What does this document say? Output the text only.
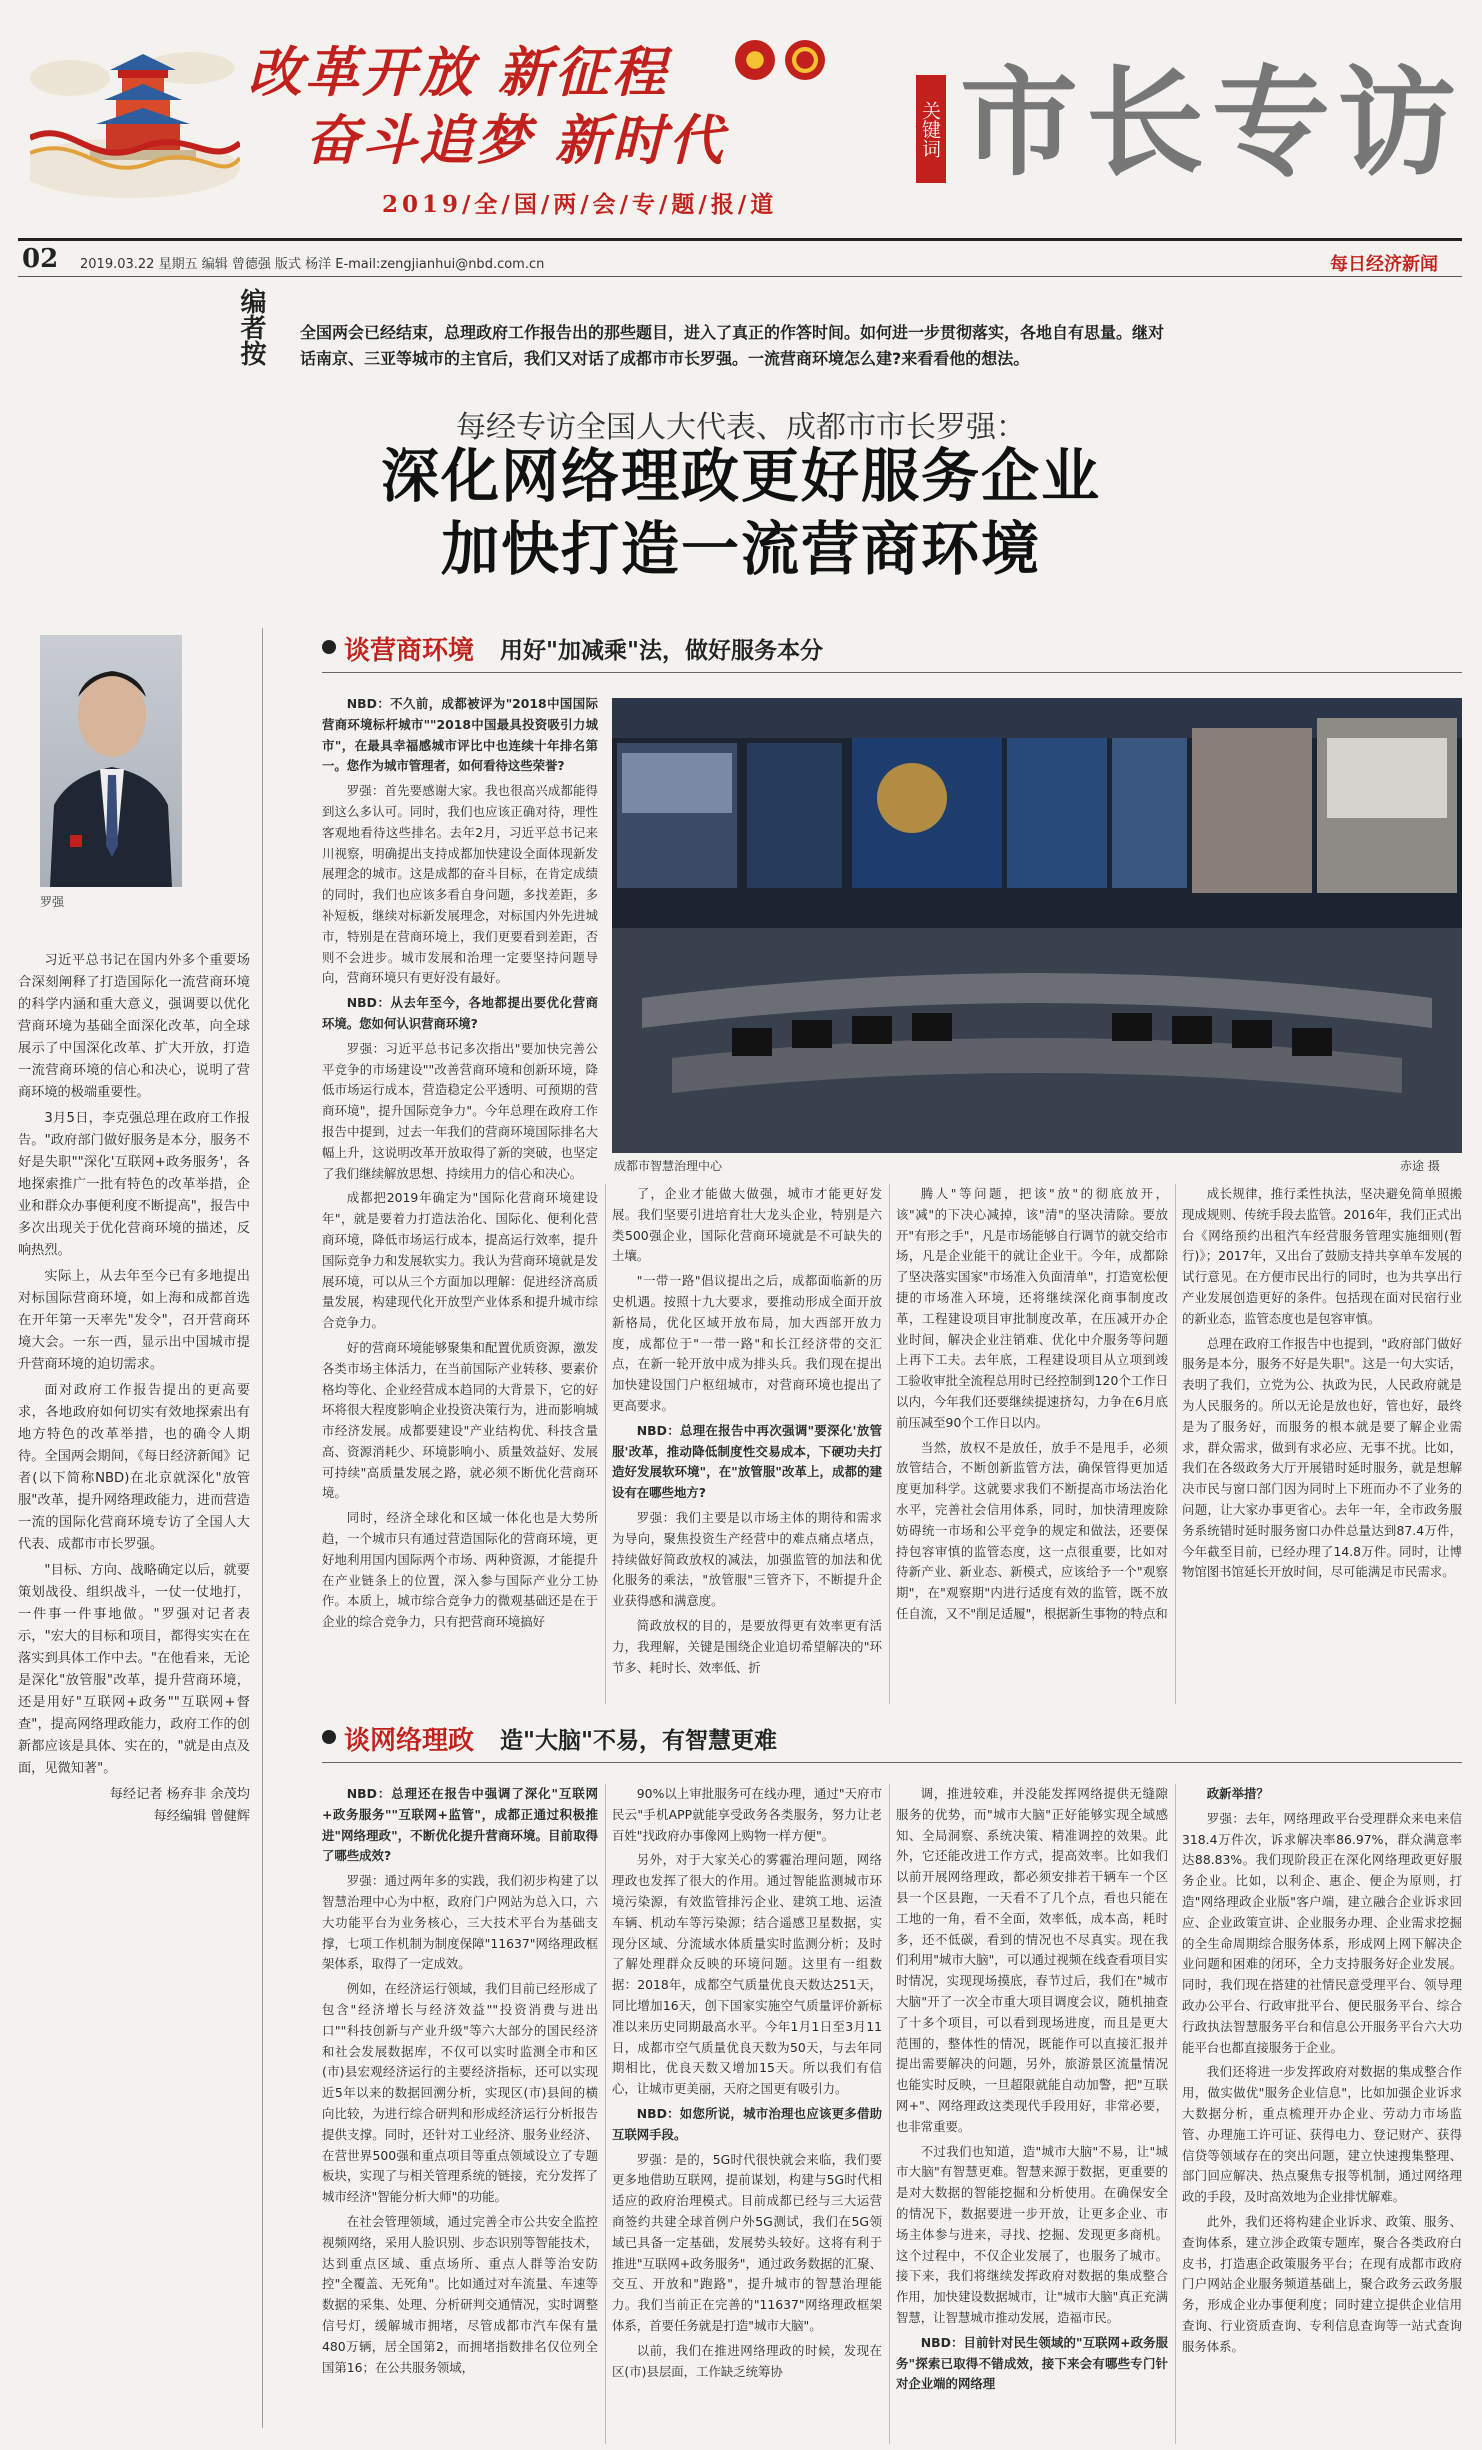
改革开放 新征程
奋斗追梦 新时代
2019/全/国/两/会/专/题/报/道
关键词 市长专访
02 2019.03.22 星期五 编辑 曾德强 版式 杨洋 E-mail:zengjianhui@nbd.com.cn	每日经济新闻
编者按 全国两会已经结束，总理政府工作报告出的那些题目，进入了真正的作答时间。如何进一步贯彻落实，各地自有思量。继对话南京、三亚等城市的主官后，我们又对话了成都市市长罗强。一流营商环境怎么建?来看看他的想法。
每经专访全国人大代表、成都市市长罗强：
深化网络理政更好服务企业
加快打造一流营商环境
罗强

习近平总书记在国内外多个重要场合深刻阐释了打造国际化一流营商环境的科学内涵和重大意义，强调要以优化营商环境为基础全面深化改革，向全球展示了中国深化改革、扩大开放，打造一流营商环境的信心和决心，说明了营商环境的极端重要性。

3月5日，李克强总理在政府工作报告。"政府部门做好服务是本分，服务不好是失职""深化'互联网+政务服务'，各地探索推广一批有特色的改革举措，企业和群众办事便利度不断提高"，报告中多次出现关于优化营商环境的描述，反响热烈。

实际上，从去年至今已有多地提出对标国际营商环境，如上海和成都首选在开年第一天率先"发令"，召开营商环境大会。一东一西，显示出中国城市提升营商环境的迫切需求。

面对政府工作报告提出的更高要求，各地政府如何切实有效地探索出有地方特色的改革举措，也的确令人期待。全国两会期间，《每日经济新闻》记者(以下简称NBD)在北京就深化"放管服"改革，提升网络理政能力，进而营造一流的国际化营商环境专访了全国人大代表、成都市市长罗强。

"目标、方向、战略确定以后，就要策划战役、组织战斗，一仗一仗地打，一件事一件事地做。"罗强对记者表示，"宏大的目标和项目，都得实实在在落实到具体工作中去。"在他看来，无论是深化"放管服"改革，提升营商环境，还是用好"互联网+政务""互联网+督查"，提高网络理政能力，政府工作的创新都应该是具体、实在的，"就是由点及面，见微知著"。

每经记者 杨弃非 余茂均
每经编辑 曾健辉
谈营商环境 用好"加减乘"法，做好服务本分
成都市智慧治理中心	赤途 摄

NBD：不久前，成都被评为"2018中国国际营商环境标杆城市""2018中国最具投资吸引力城市"，在最具幸福感城市评比中也连续十年排名第一。您作为城市管理者，如何看待这些荣誉?

罗强：首先要感谢大家。我也很高兴成都能得到这么多认可。同时，我们也应该正确对待，理性客观地看待这些排名。去年2月，习近平总书记来川视察，明确提出支持成都加快建设全面体现新发展理念的城市。这是成都的奋斗目标，在肯定成绩的同时，我们也应该多看自身问题，多找差距，多补短板，继续对标新发展理念，对标国内外先进城市，特别是在营商环境上，我们更要看到差距，否则不会进步。城市发展和治理一定要坚持问题导向，营商环境只有更好没有最好。

NBD：从去年至今，各地都提出要优化营商环境。您如何认识营商环境?

罗强：习近平总书记多次指出"要加快完善公平竞争的市场建设""改善营商环境和创新环境，降低市场运行成本，营造稳定公平透明、可预期的营商环境"，提升国际竞争力"。今年总理在政府工作报告中提到，过去一年我们的营商环境国际排名大幅上升，这说明改革开放取得了新的突破，也坚定了我们继续解放思想、持续用力的信心和决心。

成都把2019年确定为"国际化营商环境建设年"，就是要着力打造法治化、国际化、便利化营商环境，降低市场运行成本，提高运行效率，提升国际竞争力和发展软实力。我认为营商环境就是发展环境，可以从三个方面加以理解：促进经济高质量发展，构建现代化开放型产业体系和提升城市综合竞争力。

好的营商环境能够聚集和配置优质资源，激发各类市场主体活力，在当前国际产业转移、要素价格均等化、企业经营成本趋同的大背景下，它的好坏将很大程度影响企业投资决策行为，进而影响城市经济发展。成都要建设"产业结构优、科技含量高、资源消耗少、环境影响小、质量效益好、发展可持续"高质量发展之路，就必须不断优化营商环境。

同时，经济全球化和区域一体化也是大势所趋，一个城市只有通过营造国际化的营商环境，更好地利用国内国际两个市场、两种资源，才能提升在产业链条上的位置，深入参与国际产业分工协作。本质上，城市综合竞争力的微观基础还是在于企业的综合竞争力，只有把营商环境搞好

了，企业才能做大做强，城市才能更好发展。我们坚要引进培育壮大龙头企业，特别是六类500强企业，国际化营商环境就是不可缺失的土壤。

"一带一路"倡议提出之后，成都面临新的历史机遇。按照十九大要求，要推动形成全面开放新格局，优化区域开放布局，加大西部开放力度，成都位于"一带一路"和长江经济带的交汇点，在新一轮开放中成为排头兵。我们现在提出加快建设国门户枢纽城市，对营商环境也提出了更高要求。

NBD：总理在报告中再次强调"要深化'放管服'改革，推动降低制度性交易成本，下硬功夫打造好发展软环境"，在"放管服"改革上，成都的建设有在哪些地方?

罗强：我们主要是以市场主体的期待和需求为导向，聚焦投资生产经营中的难点痛点堵点，持续做好简政放权的减法，加强监管的加法和优化服务的乘法，"放管服"三管齐下，不断提升企业获得感和满意度。

简政放权的目的，是要放得更有效率更有活力，我理解，关键是围绕企业追切希望解决的"环节多、耗时长、效率低、折

腾人"等问题，把该"放"的彻底放开，该"减"的下决心减掉，该"清"的坚决清除。要放开"有形之手"，凡是市场能够自行调节的就交给市场，凡是企业能干的就让企业干。今年，成都除了坚决落实国家"市场准入负面清单"，打造宽松便捷的市场准入环境，还将继续深化商事制度改革，工程建设项目审批制度改革，在压减开办企业时间，解决企业注销难、优化中介服务等问题上再下工夫。去年底，工程建设项目从立项到竣工验收审批全流程总用时已经控制到120个工作日以内，今年我们还要继续提速挤勾，力争在6月底前压减至90个工作日以内。

当然，放权不是放任，放手不是甩手，必须放管结合，不断创新监管方法，确保管得更加适度更加科学。这就要求我们不断提高市场法治化水平，完善社会信用体系，同时，加快清理废除妨碍统一市场和公平竞争的规定和做法，还要保持包容审慎的监管态度，这一点很重要，比如对待新产业、新业态、新模式，应该给予一个"观察期"，在"观察期"内进行适度有效的监管，既不放任自流，又不"削足适履"，根据新生事物的特点和

成长规律，推行柔性执法，坚决避免简单照搬现成规则、传统手段去监管。2016年，我们正式出台《网络预约出租汽车经营服务管理实施细则(暂行)》；2017年，又出台了鼓励支持共享单车发展的试行意见。在方便市民出行的同时，也为共享出行产业发展创造更好的条件。包括现在面对民宿行业的新业态，监管态度也是包容审慎。

总理在政府工作报告中也提到，"政府部门做好服务是本分，服务不好是失职"。这是一句大实话，表明了我们，立党为公、执政为民，人民政府就是为人民服务的。所以无论是放也好，管也好，最终是为了服务好，而服务的根本就是要了解企业需求，群众需求，做到有求必应、无事不扰。比如，我们在各级政务大厅开展错时延时服务，就是想解决市民与窗口部门因为同时上下班而办不了业务的问题，让大家办事更省心。去年一年，全市政务服务系统错时延时服务窗口办件总量达到87.4万件，今年截至目前，已经办理了14.8万件。同时，让博物馆图书馆延长开放时间，尽可能满足市民需求。

谈网络理政 造"大脑"不易，有智慧更难

NBD：总理还在报告中强调了深化"互联网+政务服务""互联网+监管"，成都正通过积极推进"网络理政"，不断优化提升营商环境。目前取得了哪些成效?

罗强：通过两年多的实践，我们初步构建了以智慧治理中心为中枢，政府门户网站为总入口，六大功能平台为业务核心，三大技术平台为基础支撑，七项工作机制为制度保障"11637"网络理政框架体系，取得了一定成效。

例如，在经济运行领域，我们目前已经形成了包含"经济增长与经济效益""投资消费与进出口""科技创新与产业升级"等六大部分的国民经济和社会发展数据库，不仅可以实时监测全市和区(市)县宏观经济运行的主要经济指标，还可以实现近5年以来的数据回溯分析，实现区(市)县间的横向比较，为进行综合研判和形成经济运行分析报告提供支撑。同时，还针对工业经济、服务业经济、在营世界500强和重点项目等重点领域设立了专题板块，实现了与相关管理系统的链接，充分发挥了城市经济"智能分析大师"的功能。

在社会管理领域，通过完善全市公共安全监控视频网络，采用人脸识别、步态识别等智能技术，达到重点区域、重点场所、重点人群等治安防控"全覆盖、无死角"。比如通过对车流量、车速等数据的采集、处理、分析研判交通情况，实时调整信号灯，缓解城市拥堵，尽管成都市汽车保有量480万辆，居全国第2，而拥堵指数排名仅位列全国第16；在公共服务领域，

90%以上审批服务可在线办理，通过"天府市民云"手机APP就能享受政务各类服务，努力让老百姓"找政府办事像网上购物一样方便"。

另外，对于大家关心的雾霾治理问题，网络理政也发挥了很大的作用。通过智能监测城市环境污染源，有效监管排污企业、建筑工地、运渣车辆、机动车等污染源；结合遥感卫星数据，实现分区域、分流域水体质量实时监测分析；及时了解处理群众反映的环境问题。这里有一组数据：2018年，成都空气质量优良天数达251天，同比增加16天，创下国家实施空气质量评价新标准以来历史同期最高水平。今年1月1日至3月11日，成都市空气质量优良天数为50天，与去年同期相比，优良天数又增加15天。所以我们有信心，让城市更美丽，天府之国更有吸引力。

NBD：如您所说，城市治理也应该更多借助互联网手段。

罗强：是的，5G时代很快就会来临，我们要更多地借助互联网，提前谋划，构建与5G时代相适应的政府治理模式。目前成都已经与三大运营商签约共建全球首例户外5G测试，我们在5G领域已具备一定基础，发展势头较好。这将有利于推进"互联网+政务服务"，通过政务数据的汇聚、交互、开放和"跑路"，提升城市的智慧治理能力。我们当前正在完善的"11637"网络理政框架体系，首要任务就是打造"城市大脑"。

以前，我们在推进网络理政的时候，发现在区(市)县层面，工作缺乏统筹协

调，推进较难，并没能发挥网络提供无缝隙服务的优势，而"城市大脑"正好能够实现全域感知、全局洞察、系统决策、精准调控的效果。此外，它还能改进工作方式，提高效率。比如我们以前开展网络理政，都必须安排若干辆车一个区县一个区县跑，一天看不了几个点，看也只能在工地的一角，看不全面，效率低，成本高，耗时多，还不低碳，看到的情况也不尽真实。现在我们利用"城市大脑"，可以通过视频在线查看项目实时情况，实现现场摸底，春节过后，我们在"城市大脑"开了一次全市重大项目调度会议，随机抽查了十多个项目，可以看到现场进度，而且是更大范围的，整体性的情况，既能作可以直接汇报并提出需要解决的问题，另外，旅游景区流量情况也能实时反映，一旦超限就能自动加警，把"互联网+"、网络理政这类现代手段用好，非常必要，也非常重要。

不过我们也知道，造"城市大脑"不易，让"城市大脑"有智慧更难。智慧来源于数据，更重要的是对大数据的智能挖掘和分析使用。在确保安全的情况下，数据要进一步开放，让更多企业、市场主体参与进来，寻找、挖掘、发现更多商机。这个过程中，不仅企业发展了，也服务了城市。接下来，我们将继续发挥政府对数据的集成整合作用，加快建设数据城市，让"城市大脑"真正充满智慧，让智慧城市推动发展，造福市民。

NBD：目前针对民生领域的"互联网+政务服务"探索已取得不错成效，接下来会有哪些专门针对企业端的网络理

政新举措？

罗强：去年，网络理政平台受理群众来电来信318.4万件次，诉求解决率86.97%，群众满意率达88.83%。我们现阶段正在深化网络理政更好服务企业。比如，以利企、惠企、便企为原则，打造"网络理政企业版"客户端，建立融合企业诉求回应、企业政策宣讲、企业服务办理、企业需求挖掘的全生命周期综合服务体系，形成网上网下解决企业问题和困难的闭环，全力支持服务好企业发展。同时，我们现在搭建的社情民意受理平台、领导理政办公平台、行政审批平台、便民服务平台、综合行政执法智慧服务平台和信息公开服务平台六大功能平台也都直接服务于企业。

我们还将进一步发挥政府对数据的集成整合作用，做实做优"服务企业信息"，比如加强企业诉求大数据分析，重点梳理开办企业、劳动力市场监管、办理施工许可证、获得电力、登记财产、获得信贷等领域存在的突出问题，建立快速搜集整理、部门回应解决、热点聚焦专报等机制，通过网络理政的手段，及时高效地为企业排忧解难。

此外，我们还将构建企业诉求、政策、服务、查询体系，建立涉企政策专题库，聚合各类政府白皮书，打造惠企政策服务平台；在现有成都市政府门户网站企业服务频道基础上，聚合政务云政务服务，形成企业办事便利度；同时建立提供企业信用查询、行业资质查询、专利信息查询等一站式查询服务体系。
